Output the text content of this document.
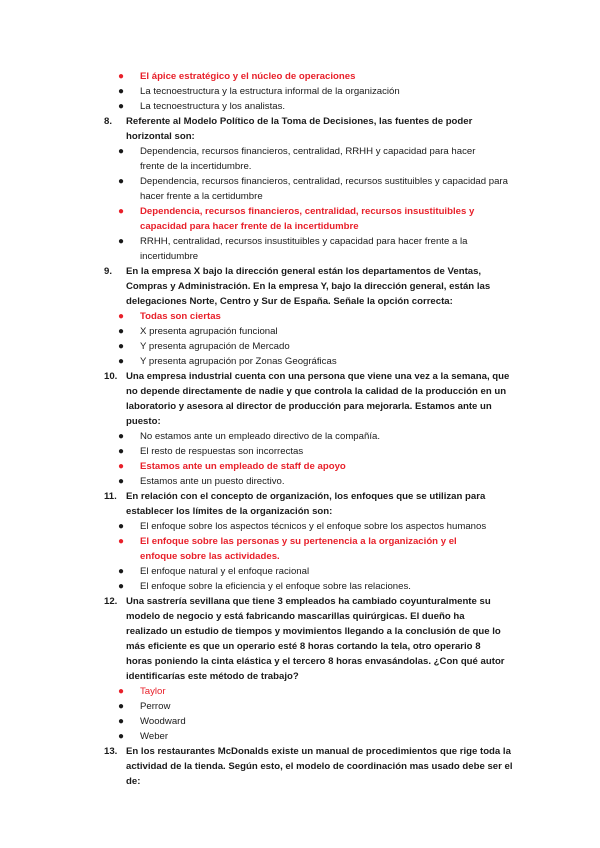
● El ápice estratégico y el núcleo de operaciones
● La tecnoestructura y la estructura informal de la organización
● La tecnoestructura y los analistas.
8. Referente al Modelo Político de la Toma de Decisiones, las fuentes de poder horizontal son:
● Dependencia, recursos financieros, centralidad, RRHH y capacidad para hacer frente de la incertidumbre.
● Dependencia, recursos financieros, centralidad, recursos sustituibles y capacidad para hacer frente a la certidumbre
● Dependencia, recursos financieros, centralidad, recursos insustituibles y capacidad para hacer frente de la incertidumbre
● RRHH, centralidad, recursos insustituibles y capacidad para hacer frente a la incertidumbre
9. En la empresa X bajo la dirección general están los departamentos de Ventas, Compras y Administración. En la empresa Y, bajo la dirección general, están las delegaciones Norte, Centro y Sur de España. Señale la opción correcta:
● Todas son ciertas
● X presenta agrupación funcional
● Y presenta agrupación de Mercado
● Y presenta agrupación por Zonas Geográficas
10. Una empresa industrial cuenta con una persona que viene una vez a la semana, que no depende directamente de nadie y que controla la calidad de la producción en un laboratorio y asesora al director de producción para mejorarla. Estamos ante un puesto:
● No estamos ante un empleado directivo de la compañía.
● El resto de respuestas son incorrectas
● Estamos ante un empleado de staff de apoyo
● Estamos ante un puesto directivo.
11. En relación con el concepto de organización, los enfoques que se utilizan para establecer los límites de la organización son:
● El enfoque sobre los aspectos técnicos y el enfoque sobre los aspectos humanos
● El enfoque sobre las personas y su pertenencia a la organización y el enfoque sobre las actividades.
● El enfoque natural y el enfoque racional
● El enfoque sobre la eficiencia y el enfoque sobre las relaciones.
12. Una sastrería sevillana que tiene 3 empleados ha cambiado coyunturalmente su modelo de negocio y está fabricando mascarillas quirúrgicas. El dueño ha realizado un estudio de tiempos y movimientos llegando a la conclusión de que lo más eficiente es que un operario esté 8 horas cortando la tela, otro operario 8 horas poniendo la cinta elástica y el tercero 8 horas envasándolas. ¿Con qué autor identificarías este método de trabajo?
● Taylor
● Perrow
● Woodward
● Weber
13. En los restaurantes McDonalds existe un manual de procedimientos que rige toda la actividad de la tienda. Según esto, el modelo de coordinación mas usado debe ser el de:
